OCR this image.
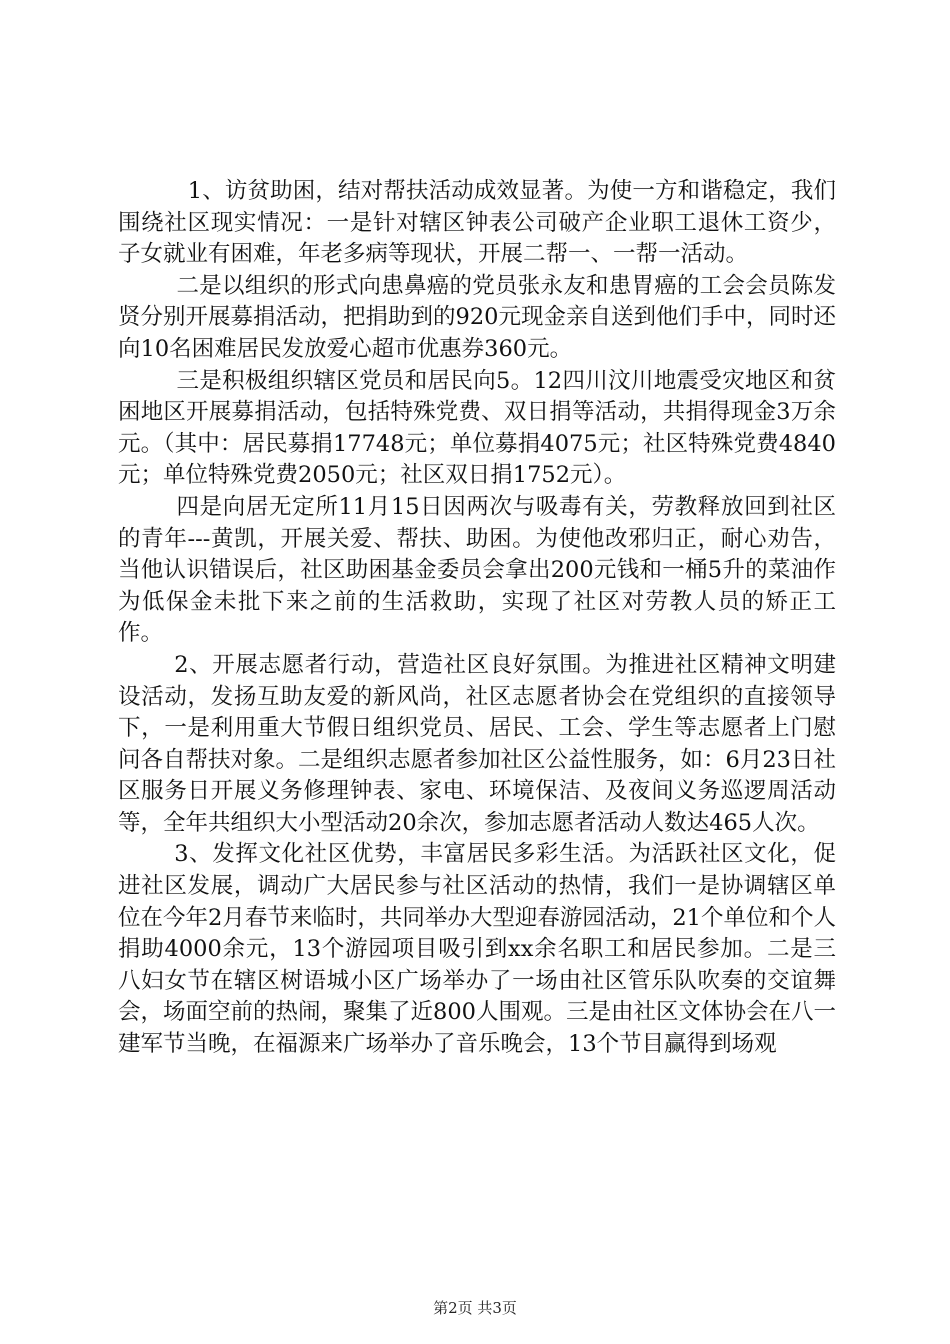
1、访贫助困，结对帮扶活动成效显著。为使一方和谐稳定，我们围绕社区现实情况：一是针对辖区钟表公司破产企业职工退休工资少，子女就业有困难，年老多病等现状，开展二帮一、一帮一活动。

二是以组织的形式向患鼻癌的党员张永友和患胃癌的工会会员陈发贤分别开展募捐活动，把捐助到的920元现金亲自送到他们手中，同时还向10名困难居民发放爱心超市优惠券360元。

三是积极组织辖区党员和居民向5。12四川汶川地震受灾地区和贫困地区开展募捐活动，包括特殊党费、双日捐等活动，共捐得现金3万余元。（其中：居民募捐17748元；单位募捐4075元；社区特殊党费4840元；单位特殊党费2050元；社区双日捐1752元）。

四是向居无定所11月15日因两次与吸毒有关，劳教释放回到社区的青年---黄凯，开展关爱、帮扶、助困。为使他改邪归正，耐心劝告，当他认识错误后，社区助困基金委员会拿出200元钱和一桶5升的菜油作为低保金未批下来之前的生活救助，实现了社区对劳教人员的矫正工作。

2、开展志愿者行动，营造社区良好氛围。为推进社区精神文明建设活动，发扬互助友爱的新风尚，社区志愿者协会在党组织的直接领导下，一是利用重大节假日组织党员、居民、工会、学生等志愿者上门慰问各自帮扶对象。二是组织志愿者参加社区公益性服务，如：6月23日社区服务日开展义务修理钟表、家电、环境保洁、及夜间义务巡逻周活动等，全年共组织大小型活动20余次，参加志愿者活动人数达465人次。

3、发挥文化社区优势，丰富居民多彩生活。为活跃社区文化，促进社区发展，调动广大居民参与社区活动的热情，我们一是协调辖区单位在今年2月春节来临时，共同举办大型迎春游园活动，21个单位和个人捐助4000余元，13个游园项目吸引到xx余名职工和居民参加。二是三八妇女节在辖区树语城小区广场举办了一场由社区管乐队吹奏的交谊舞会，场面空前的热闹，聚集了近800人围观。三是由社区文体协会在八一建军节当晚，在福源来广场举办了音乐晚会，13个节目赢得到场观

第2页 共3页
